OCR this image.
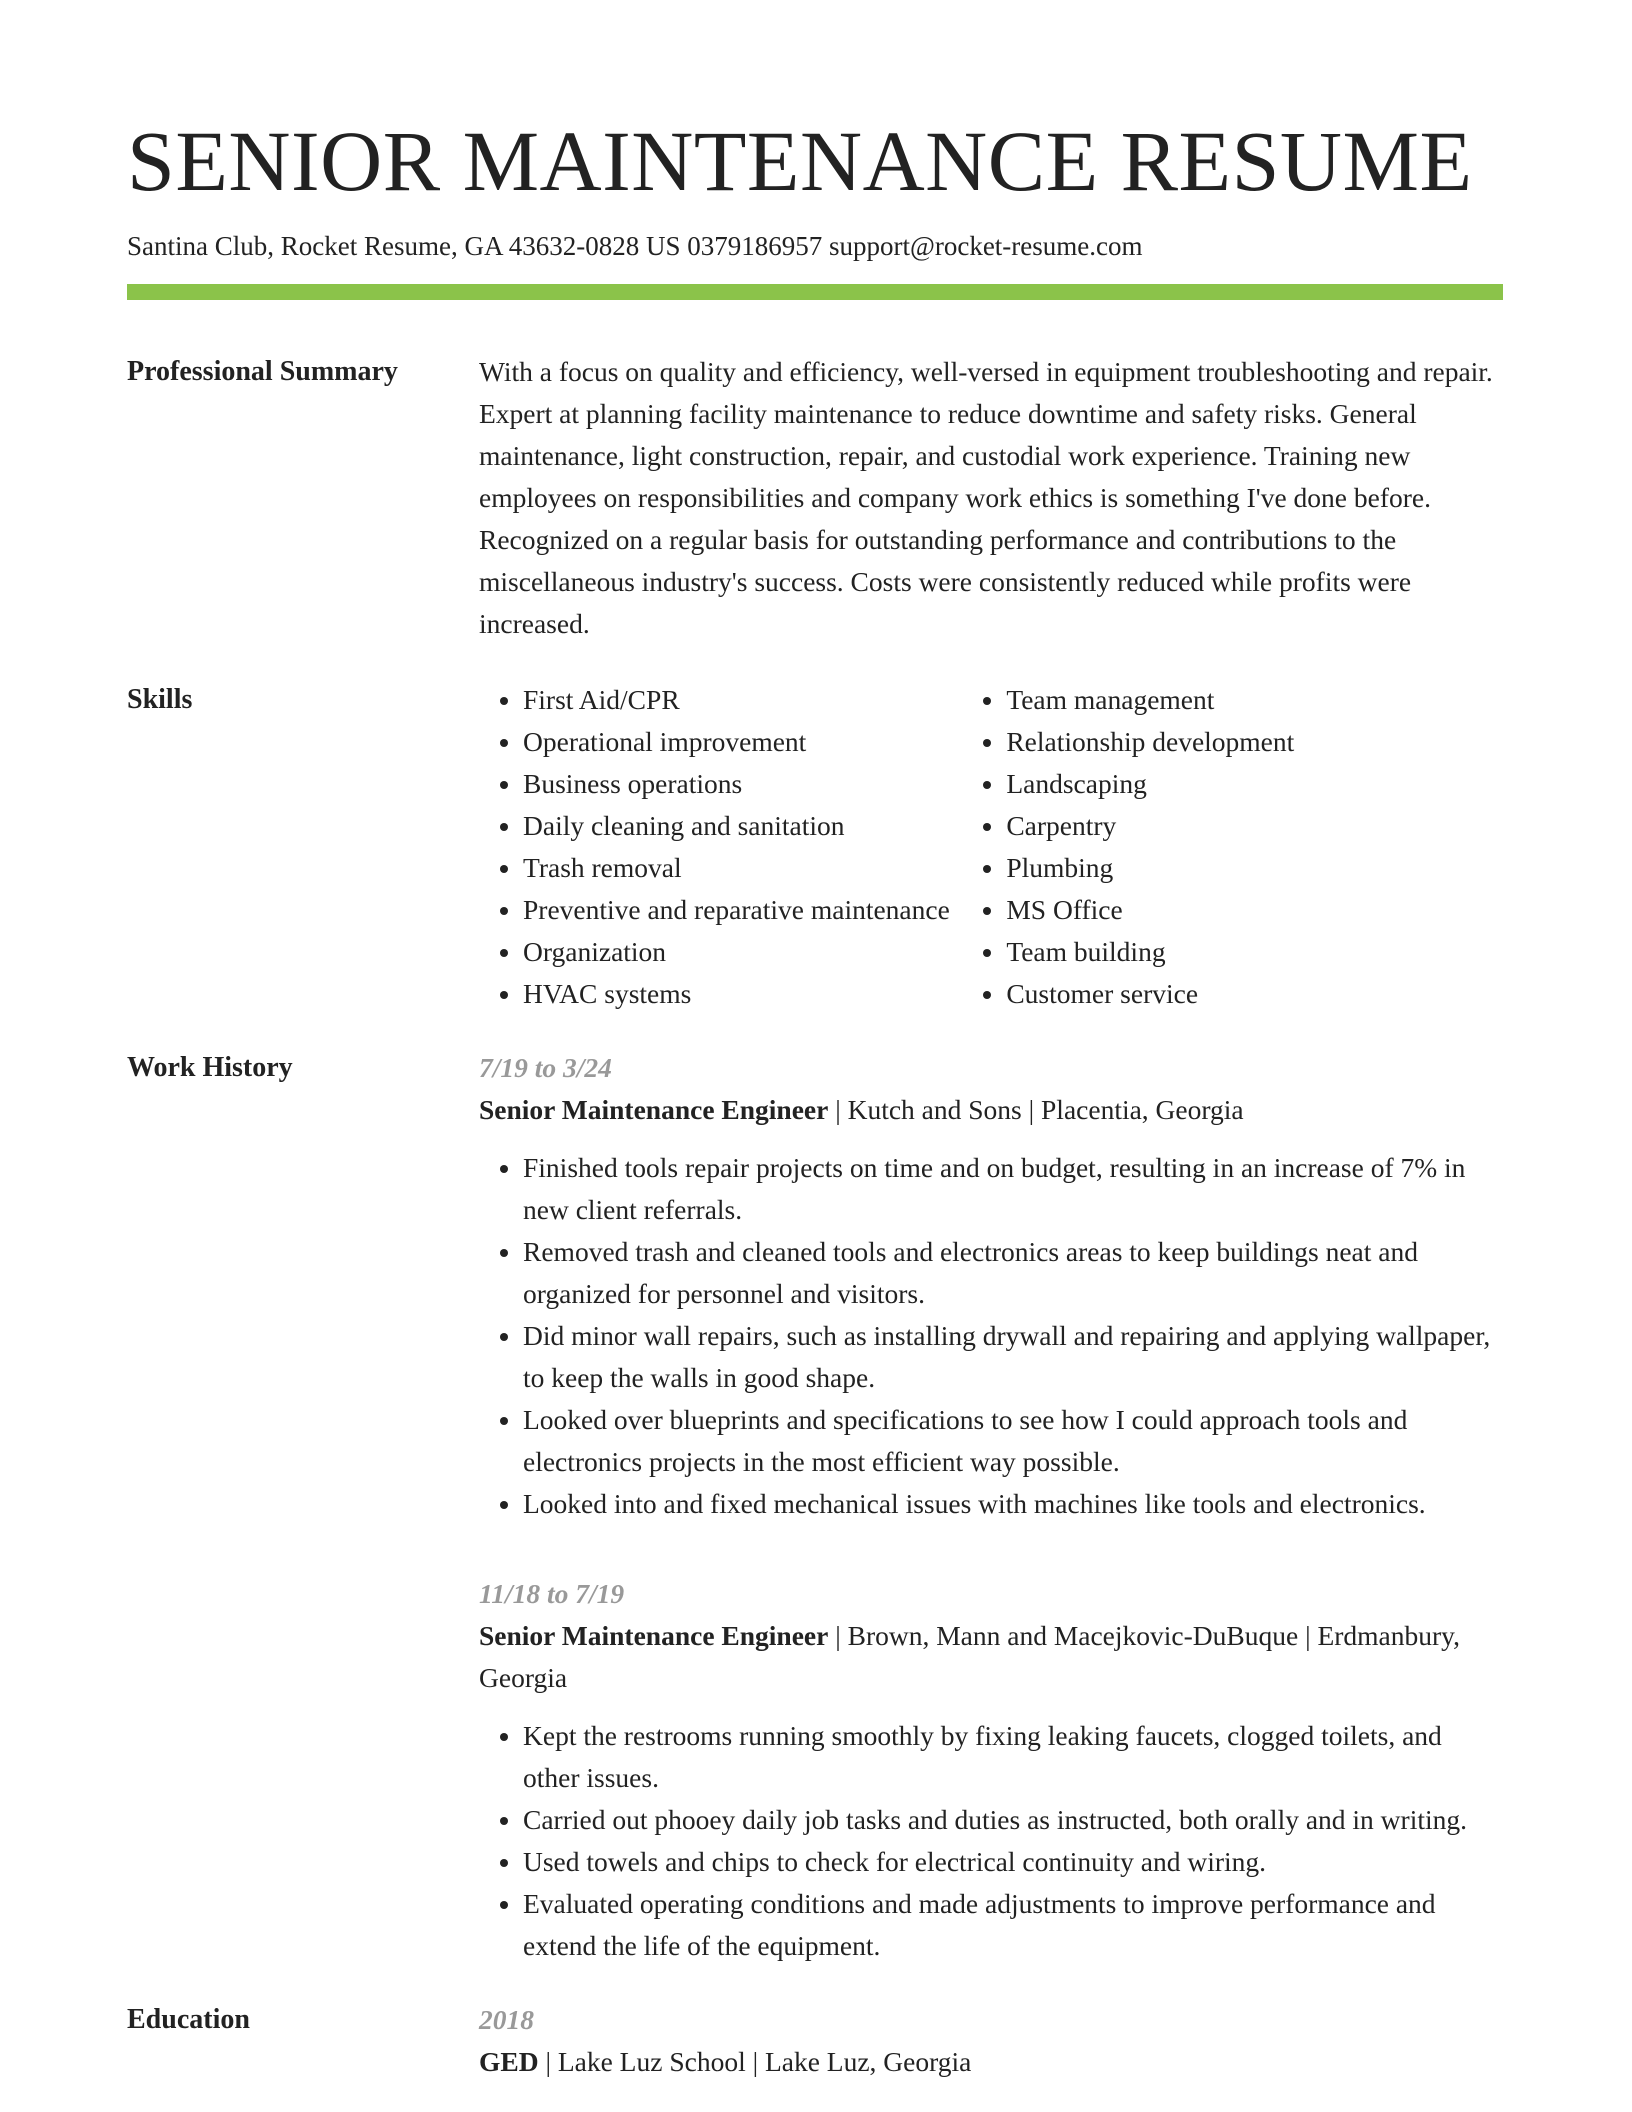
SENIOR MAINTENANCE RESUME
Santina Club, Rocket Resume, GA 43632-0828 US 0379186957 support@rocket-resume.com
Professional Summary	With a focus on quality and efficiency, well-versed in equipment troubleshooting and repair. Expert at planning facility maintenance to reduce downtime and safety risks. General maintenance, light construction, repair, and custodial work experience. Training new employees on responsibilities and company work ethics is something I've done before. Recognized on a regular basis for outstanding performance and contributions to the miscellaneous industry's success. Costs were consistently reduced while profits were increased.

Skills
•	First Aid/CPR
• Operational improvement
• Business operations
• Daily cleaning and sanitation
• Trash removal
• Preventive and reparative maintenance
• Organization
• HVAC systems
• Team management
• Relationship development
• Landscaping
• Carpentry
• Plumbing
• MS Office
• Team building
• Customer service
Work History	7/19 to 3/24
Senior Maintenance Engineer | Kutch and Sons | Placentia, Georgia
• Finished tools repair projects on time and on budget, resulting in an increase of 7% in new client referrals.
• Removed trash and cleaned tools and electronics areas to keep buildings neat and organized for personnel and visitors.
• Did minor wall repairs, such as installing drywall and repairing and applying wallpaper, to keep the walls in good shape.
• Looked over blueprints and specifications to see how I could approach tools and electronics projects in the most efficient way possible.
• Looked into and fixed mechanical issues with machines like tools and electronics.
11/18 to 7/19
Senior Maintenance Engineer | Brown, Mann and Macejkovic-DuBuque | Erdmanbury, Georgia
• Kept the restrooms running smoothly by fixing leaking faucets, clogged toilets, and other issues.
• Carried out phooey daily job tasks and duties as instructed, both orally and in writing.
• Used towels and chips to check for electrical continuity and wiring.
• Evaluated operating conditions and made adjustments to improve performance and extend the life of the equipment.
Education	2018
GED | Lake Luz School | Lake Luz, Georgia
